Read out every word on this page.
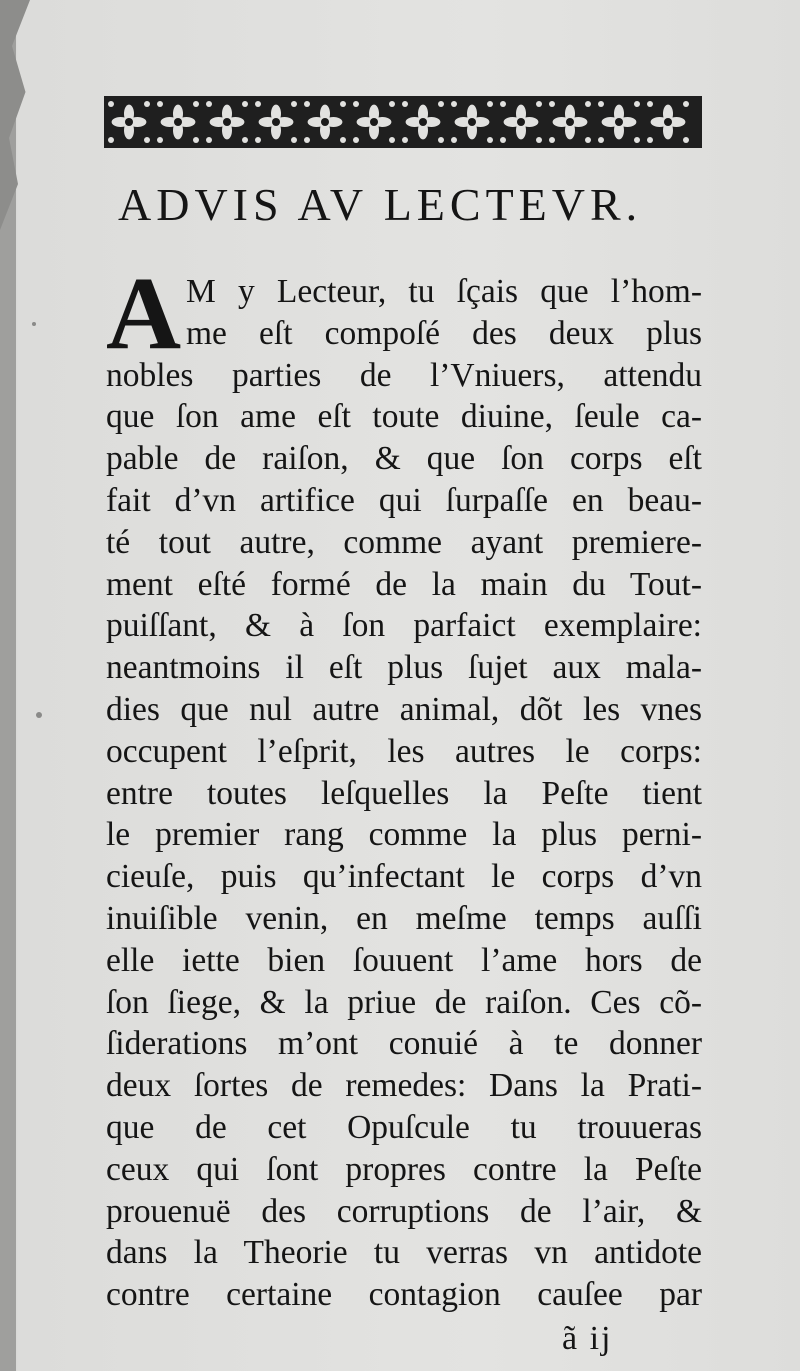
ADVIS AV LECTEVR.
A M y Lecteur, tu ſçais que l’hom-
me eſt compoſé des deux plus
nobles parties de l’Vniuers, attendu
que ſon ame eſt toute diuine, ſeule ca-
pable de raiſon, & que ſon corps eſt
fait d’vn artifice qui ſurpaſſe en beau-
té tout autre, comme ayant premiere-
ment eſté formé de la main du Tout-
puiſſant, & à ſon parfaict exemplaire:
neantmoins il eſt plus ſujet aux mala-
dies que nul autre animal, dõt les vnes
occupent l’eſprit, les autres le corps:
entre toutes leſquelles la Peſte tient
le premier rang comme la plus perni-
cieuſe, puis qu’infectant le corps d’vn
inuiſible venin, en meſme temps auſſi
elle iette bien ſouuent l’ame hors de
ſon ſiege, & la priue de raiſon. Ces cõ-
ſiderations m’ont conuié à te donner
deux ſortes de remedes: Dans la Prati-
que de cet Opuſcule tu trouueras
ceux qui ſont propres contre la Peſte
prouenuë des corruptions de l’air, &
dans la Theorie tu verras vn antidote
contre certaine contagion cauſee par
ã ij
